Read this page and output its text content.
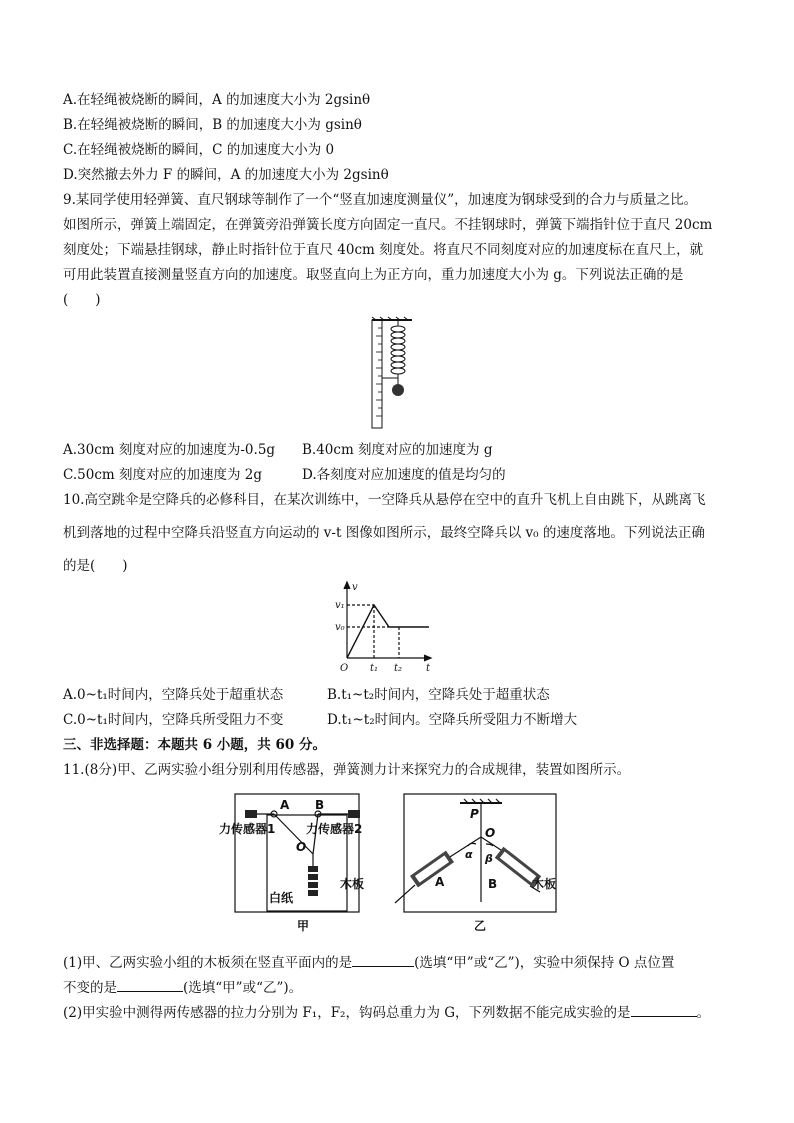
A.在轻绳被烧断的瞬间，A 的加速度大小为 2gsinθ
B.在轻绳被烧断的瞬间，B 的加速度大小为 gsinθ
C.在轻绳被烧断的瞬间，C 的加速度大小为 0
D.突然撤去外力 F 的瞬间，A 的加速度大小为 2gsinθ
9.某同学使用轻弹簧、直尺钢球等制作了一个“竖直加速度测量仪”，加速度为钢球受到的合力与质量之比。
如图所示，弹簧上端固定，在弹簧旁沿弹簧长度方向固定一直尺。不挂钢球时，弹簧下端指针位于直尺 20cm
刻度处；下端悬挂钢球，静止时指针位于直尺 40cm 刻度处。将直尺不同刻度对应的加速度标在直尺上，就
可用此装置直接测量竖直方向的加速度。取竖直向上为正方向，重力加速度大小为 g。下列说法正确的是
(　　)
A.30cm 刻度对应的加速度为-0.5g B.40cm 刻度对应的加速度为 g
C.50cm 刻度对应的加速度为 2g	D.各刻度对应加速度的值是均匀的
10.高空跳伞是空降兵的必修科目，在某次训练中，一空降兵从悬停在空中的直升飞机上自由跳下，从跳离飞
机到落地的过程中空降兵沿竖直方向运动的 v-t 图像如图所示，最终空降兵以 v₀ 的速度落地。下列说法正确
的是(　　)
v
v₁
v₀
O t₁ t₂ t
A.0~t₁时间内，空降兵处于超重状态	B.t₁~t₂时间内，空降兵处于超重状态
C.0~t₁时间内，空降兵所受阻力不变	D.t₁~t₂时间内。空降兵所受阻力不断增大
三、非选择题：本题共 6 小题，共 60 分。
11.(8分)甲、乙两实验小组分别利用传感器，弹簧测力计来探究力的合成规律，装置如图所示。
A B
力传感器1	力传感器2
O
白纸
木板
甲
P
O
α β
A	B	木板
乙
(1)甲、乙两实验小组的木板须在竖直平面内的是	(选填“甲”或“乙”)，实验中须保持 O 点位置
不变的是	(选填“甲”或“乙”)。
(2)甲实验中测得两传感器的拉力分别为 F₁，F₂，钩码总重力为 G，下列数据不能完成实验的是	。
